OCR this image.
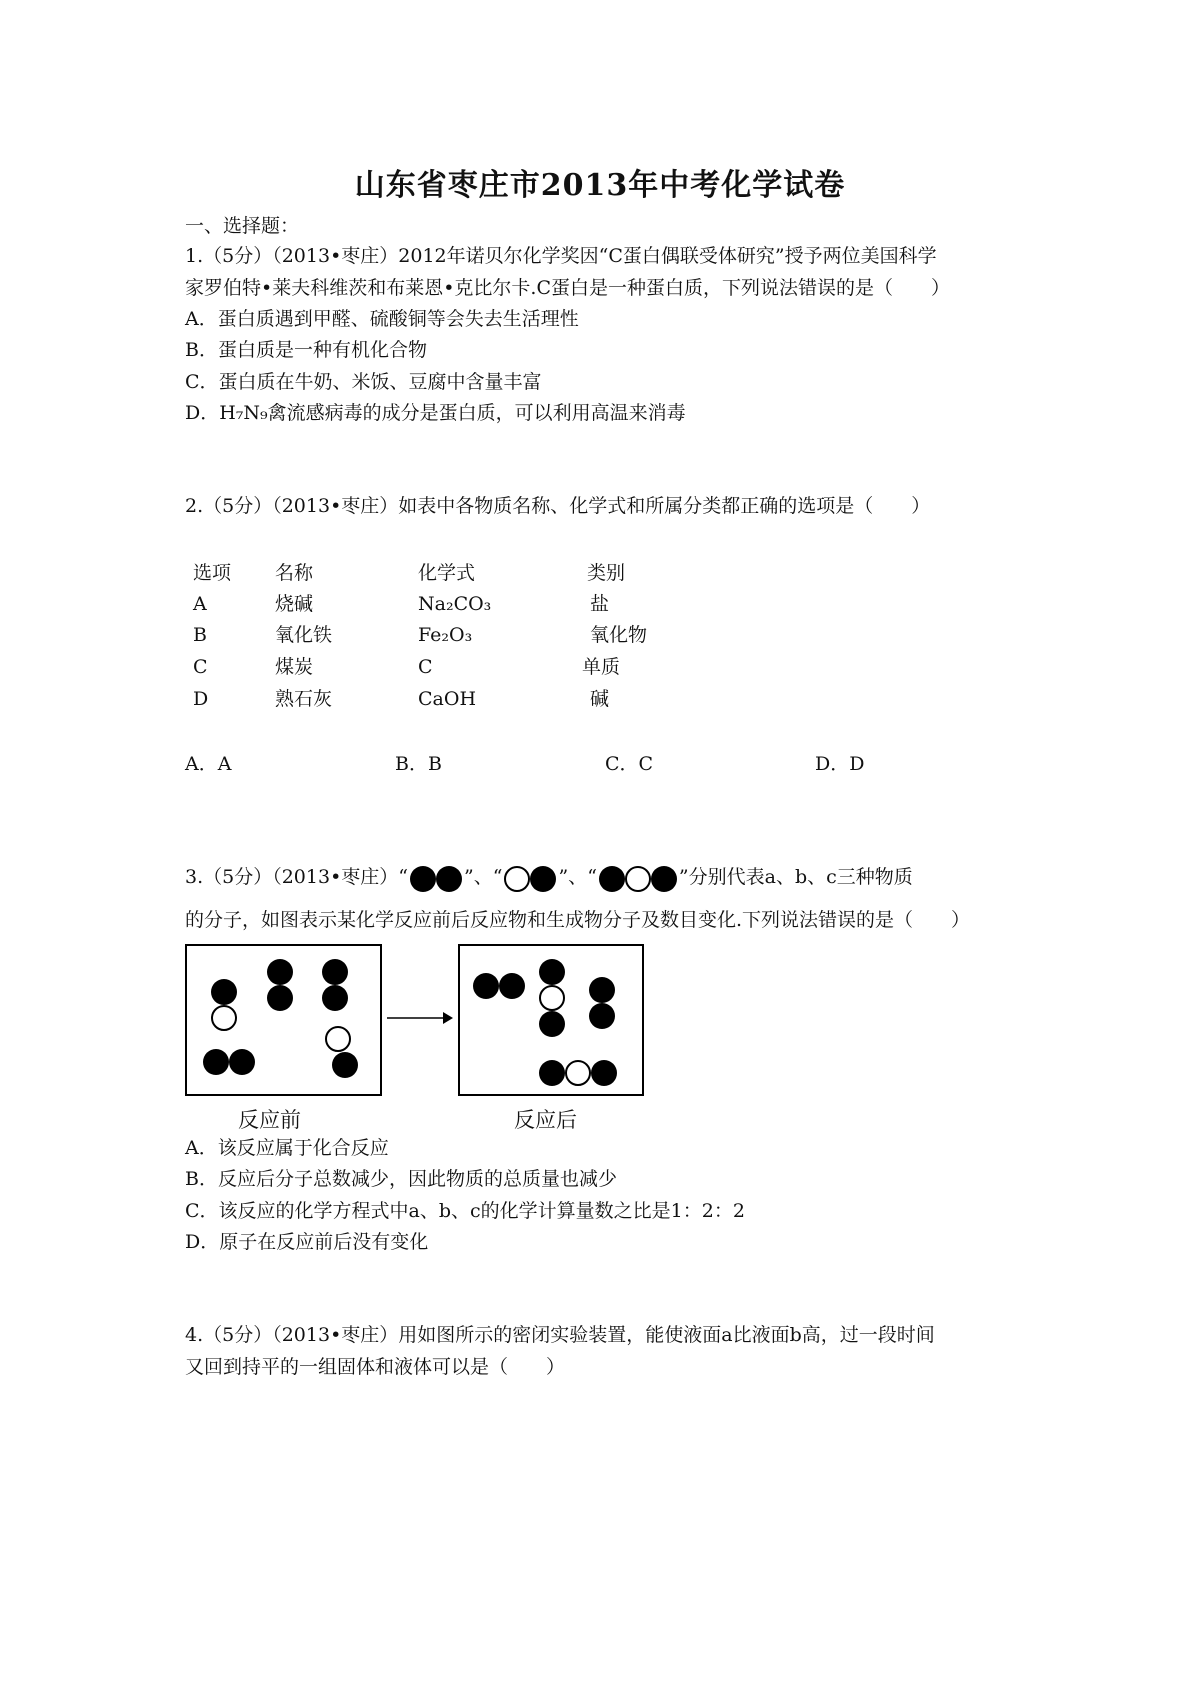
山东省枣庄市2013年中考化学试卷
一、选择题：
1.（5分）（2013•枣庄）2012年诺贝尔化学奖因“C蛋白偶联受体研究”授予两位美国科学
家罗伯特•莱夫科维茨和布莱恩•克比尔卡.C蛋白是一种蛋白质，下列说法错误的是（　　）
A．蛋白质遇到甲醛、硫酸铜等会失去生活理性
B．蛋白质是一种有机化合物
C．蛋白质在牛奶、米饭、豆腐中含量丰富
D．H₇N₉禽流感病毒的成分是蛋白质，可以利用高温来消毒
2.（5分）（2013•枣庄）如表中各物质名称、化学式和所属分类都正确的选项是（　　）
选项 名称	化学式	类别
A	烧碱	Na₂CO₃	盐
B	氧化铁	Fe₂O₃	氧化物
C	煤炭	C	单质
D	熟石灰	CaOH	碱
A．A	B．B	C．C	D．D
3.（5分）（2013•枣庄）“	”、“	”、“	”分别代表a、b、c三种物质
的分子，如图表示某化学反应前后反应物和生成物分子及数目变化.下列说法错误的是（　　）
反应前	反应后
A．该反应属于化合反应
B．反应后分子总数减少，因此物质的总质量也减少
C．该反应的化学方程式中a、b、c的化学计算量数之比是1：2：2
D．原子在反应前后没有变化
4.（5分）（2013•枣庄）用如图所示的密闭实验装置，能使液面a比液面b高，过一段时间
又回到持平的一组固体和液体可以是（　　）
